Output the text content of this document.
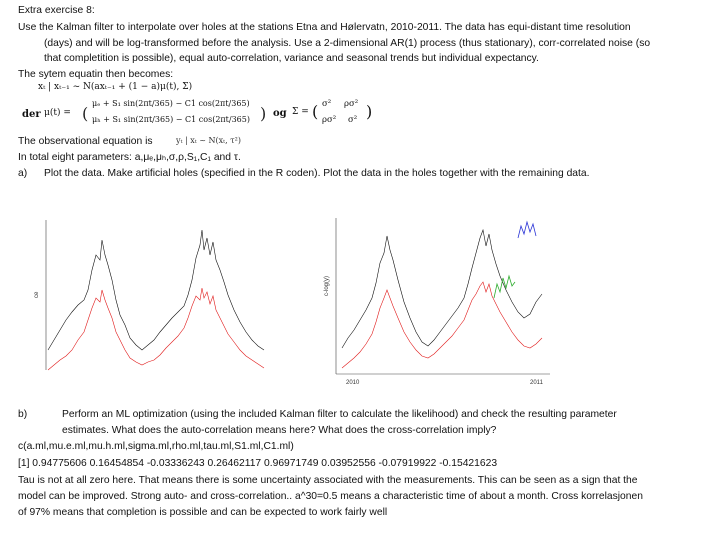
Extra exercise 8:
Use the Kalman filter to interpolate over holes at the stations Etna and Hølervatn, 2010-2011. The data has equi-distant time resolution
(days) and will be log-transformed before the analysis. Use a 2-dimensional AR(1) process (thus stationary), corr-correlated noise (so
that completition is possible), equal auto-correlation, variance and seasonal trends but individual expectancy.
The sytem equatin then becomes:
xₜ | xₜ₋₁ ~ N(axₜ₋₁ + (1 − a)μ(t), Σ)
der μ(t) = (
μₑ + S₁ sin(2πt/365) − C1 cos(2πt/365)
μₕ + S₁ sin(2πt/365) − C1 cos(2πt/365) ) og Σ = ( σ² ρσ²
ρσ² σ² )
The observational equation is	yₜ | xₜ ~ N(xₜ, τ²)
In total eight parameters: a,μₑ,μₕ,σ,ρ,S₁,C₁ and τ.
a) Plot the data. Make artificial holes (specified in the R coden). Plot the data in the holes together with the remaining data.
ce	c-log(y)
2010	2011
b)	Perform an ML optimization (using the included Kalman filter to calculate the likelihood) and check the resulting parameter
estimates. What does the auto-correlation means here? What does the cross-correlation imply?
c(a.ml,mu.e.ml,mu.h.ml,sigma.ml,rho.ml,tau.ml,S1.ml,C1.ml)
[1] 0.94775606 0.16454854 -0.03336243 0.26462117 0.96971749 0.03952556 -0.07919922 -0.15421623
Tau is not at all zero here. That means there is some uncertainty associated with the measurements. This can be seen as a sign that the
model can be improved. Strong auto- and cross-correlation.. a^30=0.5 means a characteristic time of about a month. Cross korrelasjonen
of 97% means that completion is possible and can be expected to work fairly well
